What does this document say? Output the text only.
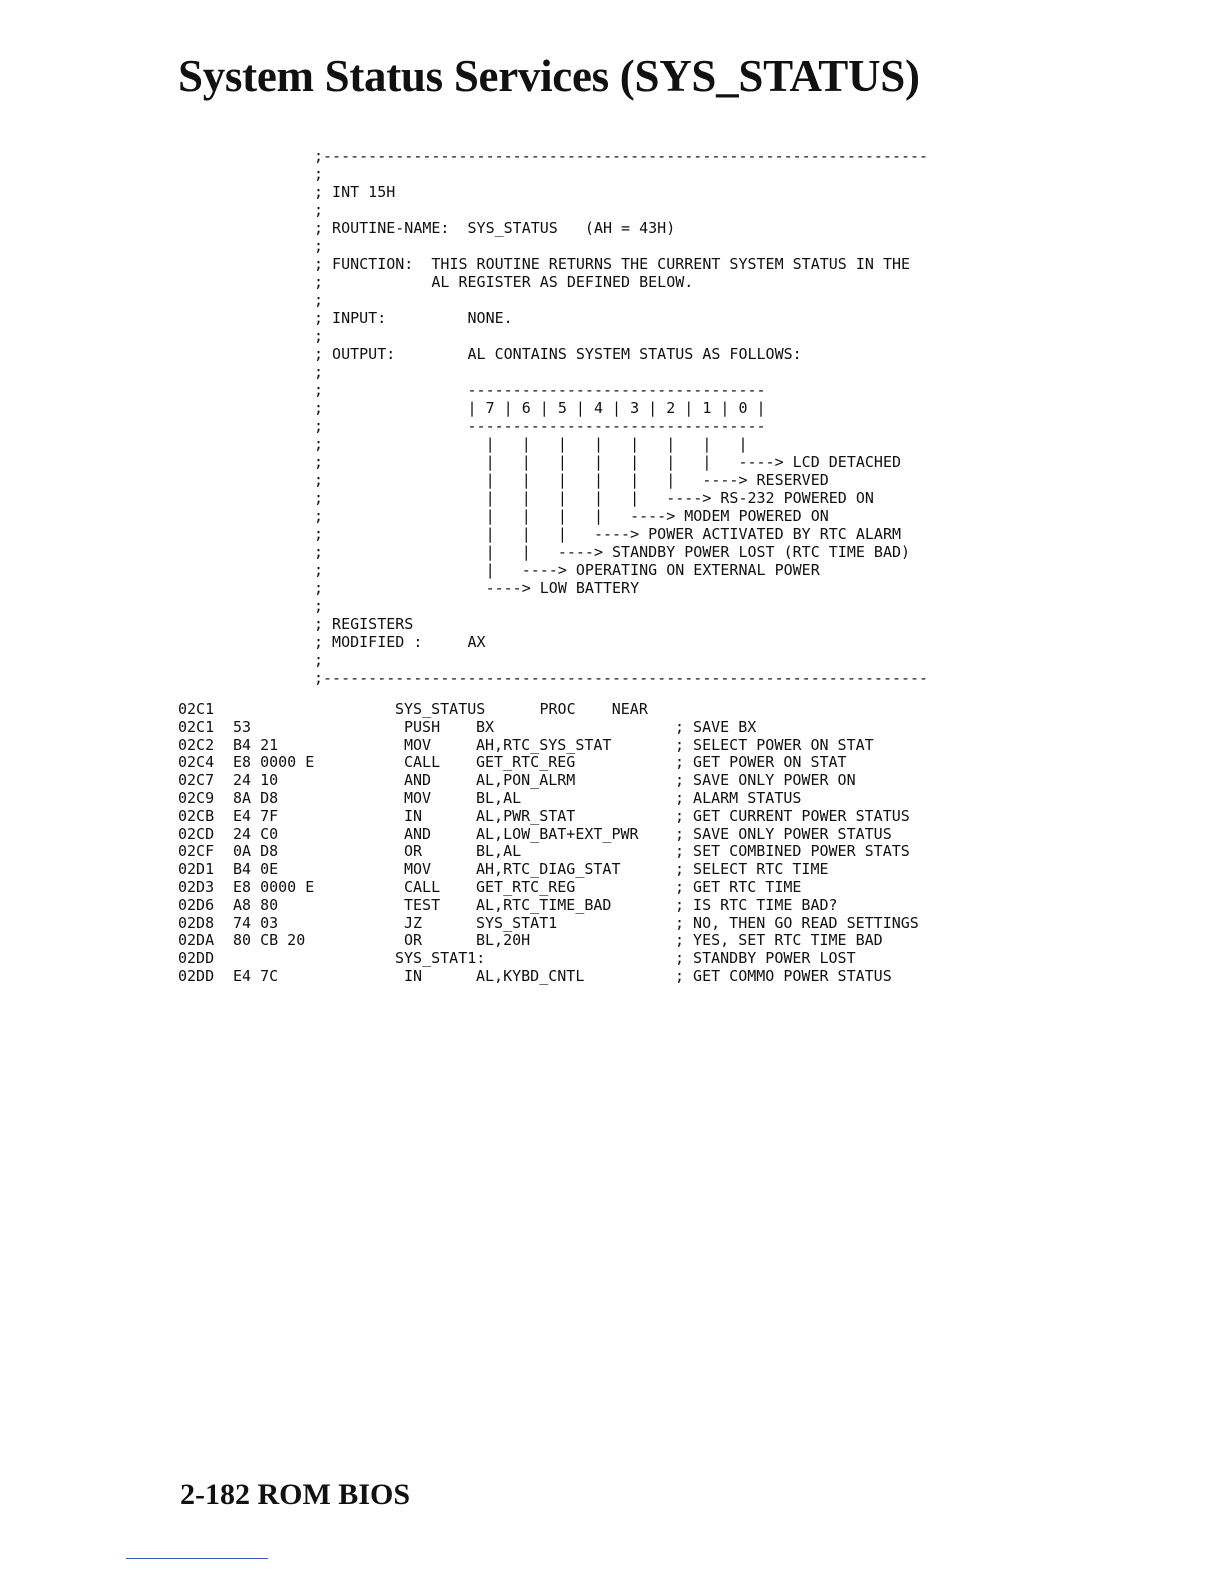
System Status Services (SYS_STATUS)
;-------------------------------------------------------------------
;
; INT 15H
;
; ROUTINE-NAME:  SYS_STATUS   (AH = 43H)
;
; FUNCTION:  THIS ROUTINE RETURNS THE CURRENT SYSTEM STATUS IN THE
;            AL REGISTER AS DEFINED BELOW.
;
; INPUT:         NONE.
;
; OUTPUT:        AL CONTAINS SYSTEM STATUS AS FOLLOWS:
;
;                ---------------------------------
;                | 7 | 6 | 5 | 4 | 3 | 2 | 1 | 0 |
;                ---------------------------------
;                  |   |   |   |   |   |   |   |
;                  |   |   |   |   |   |   |   ----> LCD DETACHED
;                  |   |   |   |   |   |   ----> RESERVED
;                  |   |   |   |   |   ----> RS-232 POWERED ON
;                  |   |   |   |   ----> MODEM POWERED ON
;                  |   |   |   ----> POWER ACTIVATED BY RTC ALARM
;                  |   |   ----> STANDBY POWER LOST (RTC TIME BAD)
;                  |   ----> OPERATING ON EXTERNAL POWER
;                  ----> LOW BATTERY
;
; REGISTERS
; MODIFIED :     AX
;
;-------------------------------------------------------------------

02C1	SYS_STATUS      PROC    NEAR
02C1 53	PUSH BX	; SAVE BX
02C2 B4 21	MOV	AH,RTC_SYS_STAT	; SELECT POWER ON STAT
02C4 E8 0000 E	CALL GET_RTC_REG	; GET POWER ON STAT
02C7 24 10	AND	AL,PON_ALRM	; SAVE ONLY POWER ON
02C9 8A D8	MOV	BL,AL	; ALARM STATUS
02CB E4 7F	IN	AL,PWR_STAT	; GET CURRENT POWER STATUS
02CD 24 C0	AND	AL,LOW_BAT+EXT_PWR ; SAVE ONLY POWER STATUS
02CF 0A D8	OR	BL,AL	; SET COMBINED POWER STATS
02D1 B4 0E	MOV	AH,RTC_DIAG_STAT	; SELECT RTC TIME
02D3 E8 0000 E	CALL GET_RTC_REG	; GET RTC TIME
02D6 A8 80	TEST AL,RTC_TIME_BAD	; IS RTC TIME BAD?
02D8 74 03	JZ	SYS_STAT1	; NO, THEN GO READ SETTINGS
02DA 80 CB 20	OR	BL,20H	; YES, SET RTC TIME BAD
02DD	SYS_STAT1:	; STANDBY POWER LOST
02DD E4 7C	IN	AL,KYBD_CNTL	; GET COMMO POWER STATUS
2-182 ROM BIOS
